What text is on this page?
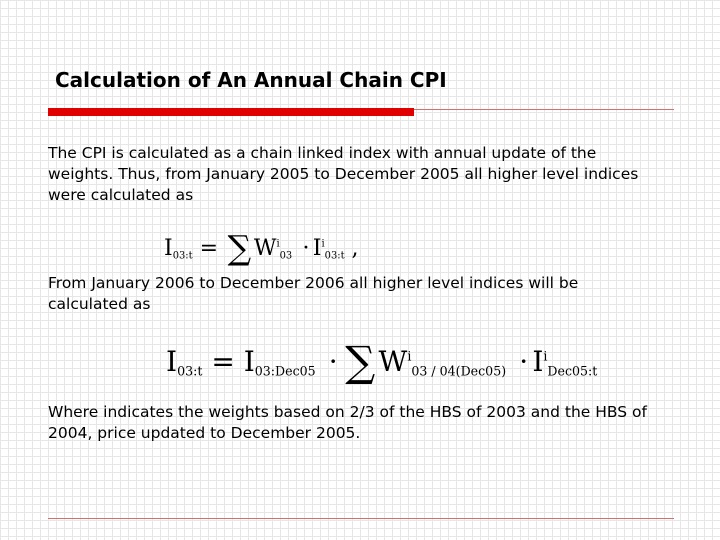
Calculation of An Annual Chain CPI
The CPI is calculated as a chain linked index with annual update of the weights. Thus, from January 2005 to December 2005 all higher level indices were calculated as
$I_{03:t}$ = ∑ $W^i_{03} \cdot I^i_{03:t}$ ,
From January 2006 to December 2006 all higher level indices will be calculated as
$I_{03:t} = I_{03:Dec05}$ · ∑ $W^i_{03 / 04(Dec05)} \cdot I^i_{Dec05:t}$
Where indicates the weights based on 2/3 of the HBS of 2003 and the HBS of 2004, price updated to December 2005.
